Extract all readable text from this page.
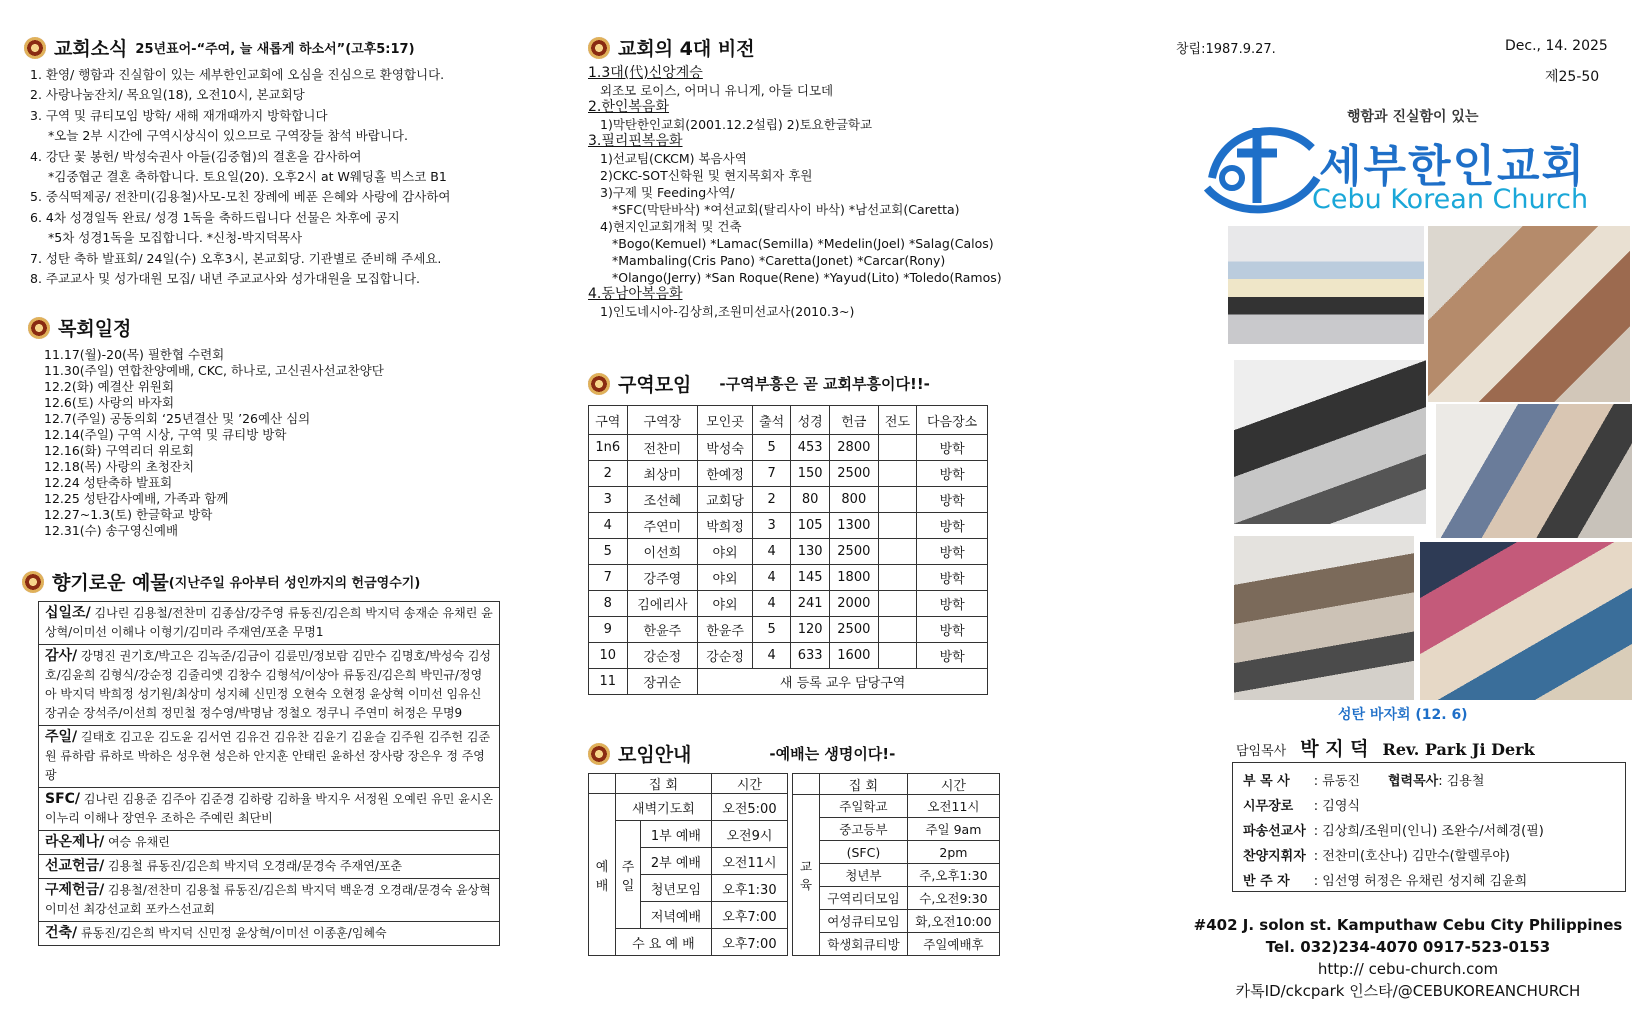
교회소식 25년표어-“주여, 늘 새롭게 하소서”(고후5:17)
1. 환영/ 행함과 진실함이 있는 세부한인교회에 오심을 진심으로 환영합니다.
2. 사랑나눔잔치/ 목요일(18), 오전10시, 본교회당
3. 구역 및 큐티모임 방학/ 새해 재개때까지 방학합니다
*오늘 2부 시간에 구역시상식이 있으므로 구역장들 참석 바랍니다.
4. 강단 꽃 봉헌/ 박성숙권사 아들(김중협)의 결혼을 감사하여
*김중협군 결혼 축하합니다. 토요일(20). 오후2시 at W웨딩홀 빅스코 B1
5. 중식떡제공/ 전찬미(김용철)사모-모친 장례에 베푼 은혜와 사랑에 감사하여
6. 4차 성경일독 완료/ 성경 1독을 축하드립니다 선물은 차후에 공지
*5차 성경1독을 모집합니다. *신청-박지덕목사
7. 성탄 축하 발표회/ 24일(수) 오후3시, 본교회당. 기관별로 준비해 주세요.
8. 주교교사 및 성가대원 모집/ 내년 주교교사와 성가대원을 모집합니다.
목회일정
11.17(월)-20(목) 필한협 수련회
11.30(주일) 연합찬양예배, CKC, 하나로, 고신권사선교찬양단
12.2(화) 예결산 위원회
12.6(토) 사랑의 바자회
12.7(주일) 공동의회 ‘25년결산 및 ’26예산 심의
12.14(주일) 구역 시상, 구역 및 큐티방 방학
12.16(화) 구역리더 위로회
12.18(목) 사랑의 초청잔치
12.24 성탄축하 발표회
12.25 성탄감사예배, 가족과 함께
12.27~1.3(토) 한글학교 방학
12.31(수) 송구영신예배
향기로운 예물 (지난주일 유아부터 성인까지의 헌금영수기)
십일조/ 김나린 김용철/전찬미 김종삼/강주영 류동진/김은희 박지덕 송재순 유채린 윤상혁/이미선 이해나 이형기/김미라 주재연/포춘 무명1
감사/ 강명진 권기호/박고은 김녹준/김금이 김륜민/정보람 김만수 김명호/박성숙 김성호/김윤희 김형식/강순정 김줄리엣 김창수 김형석/이상아 류동진/김은희 박민규/정영아 박지덕 박희정 성기원/최상미 성지혜 신민정 오현숙 오현정 윤상혁 이미선 임유신 장귀순 장석주/이선희 정민철 정수영/박명남 정철오 정쿠니 주연미 허정은 무명9
주일/ 길태호 김고운 김도윤 김서연 김유건 김유찬 김윤기 김윤슬 김주원 김주헌 김준원 류하람 류하로 박하은 성우현 성은하 안지훈 안태린 윤하선 장사랑 장은우 정 주영팡
SFC/ 김나린 김용준 김주아 김준경 김하랑 김하율 박지우 서정원 오예린 유민 윤시온 이누리 이해나 장연우 조하은 주예린 최단비
라온제나/ 여승 유채린
선교헌금/ 김용철 류동진/김은희 박지덕 오경래/문경숙 주재연/포춘
구제헌금/ 김용철/전찬미 김용철 류동진/김은희 박지덕 백운경 오경래/문경숙 윤상혁 이미선 최강선교회 포카스선교회
건축/ 류동진/김은희 박지덕 신민정 윤상혁/이미선 이종훈/임혜숙
교회의 4대 비전
1.3대(代)신앙계승
외조모 로이스, 어머니 유니게, 아들 디모데
2.한인복음화
1)막탄한인교회(2001.12.2설립) 2)토요한글학교
3.필리핀복음화
1)선교팀(CKCM) 복음사역
2)CKC-SOT신학원 및 현지목회자 후원
3)구제 및 Feeding사역/
*SFC(막탄바삭) *여선교회(탈리사이 바삭) *남선교회(Caretta)
4)현지인교회개척 및 건축
*Bogo(Kemuel) *Lamac(Semilla) *Medelin(Joel) *Salag(Calos)
*Mambaling(Cris Pano) *Caretta(Jonet) *Carcar(Rony)
*Olango(Jerry) *San Roque(Rene) *Yayud(Lito) *Toledo(Ramos)
4.동남아복음화
1)인도네시아-김상희,조원미선교사(2010.3~)
구역모임 -구역부흥은 곧 교회부흥이다!!-
구역	구역장	모인곳	출석	성경	헌금	전도	다음장소
1n6	전찬미	박성숙	5	453	2800		방학
2	최상미	한예정	7	150	2500		방학
3	조선혜	교회당	2	80	800		방학
4	주연미	박희정	3	105	1300		방학
5	이선희	야외	4	130	2500		방학
7	강주영	야외	4	145	1800		방학
8	김에리사	야외	4	241	2000		방학
9	한윤주	한윤주	5	120	2500		방학
10	강순정	강순정	4	633	1600		방학
11	장귀순	새 등록 교우 담당구역					
모임안내	-예배는 생명이다!-
	집 회		시간
예배	새벽기도회		오전5:00
	주일	1부 예배	오전9시
		2부 예배	오전11시
		청년모임	오후1:30
		저녁예배	오후7:00
	수 요 예 배		오후7:00
	집 회	시간
교육	주일학교	오전11시
	중고등부	주일 9am
	(SFC)	2pm
	청년부	주,오후1:30
	구역리더모임	수,오전9:30
	여성큐티모임	화,오전10:00
	학생회큐티방	주일예배후
창립:1987.9.27.	Dec., 14. 2025
제25-50
행함과 진실함이 있는
세부한인교회
Cebu Korean Church
성탄 바자회 (12. 6)
담임목사 박 지 덕 Rev. Park Ji Derk
부 목 사	: 류동진 협력목사: 김용철
시무장로	: 김영식
파송선교사	: 김상희/조원미(인니) 조완수/서혜경(필)
찬양지휘자	: 전찬미(호산나) 김만수(할렐루야)
반 주 자	: 임선영 허정은 유채린 성지혜 김윤희
#402 J. solon st. Kamputhaw Cebu City Philippines
Tel. 032)234-4070 0917-523-0153
http:// cebu-church.com
카톡ID/ckcpark 인스타/@CEBUKOREANCHURCH
